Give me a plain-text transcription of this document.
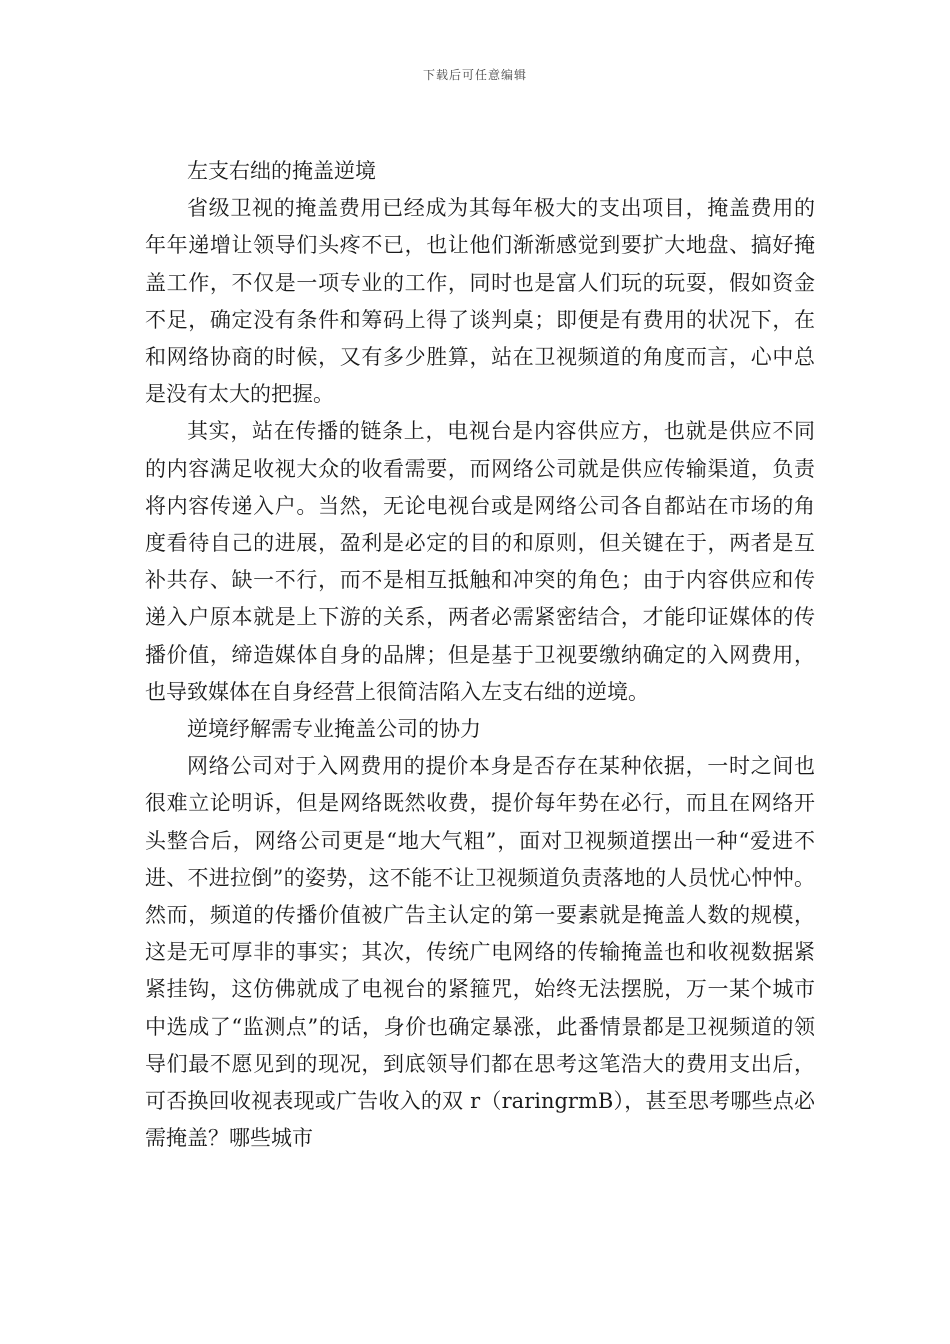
下载后可任意编辑

左支右绌的掩盖逆境

省级卫视的掩盖费用已经成为其每年极大的支出项目，掩盖费用的年年递增让领导们头疼不已，也让他们渐渐感觉到要扩大地盘、搞好掩盖工作，不仅是一项专业的工作，同时也是富人们玩的玩耍，假如资金不足，确定没有条件和筹码上得了谈判桌；即便是有费用的状况下，在和网络协商的时候，又有多少胜算，站在卫视频道的角度而言，心中总是没有太大的把握。

其实，站在传播的链条上，电视台是内容供应方，也就是供应不同的内容满足收视大众的收看需要，而网络公司就是供应传输渠道，负责将内容传递入户。当然，无论电视台或是网络公司各自都站在市场的角度看待自己的进展，盈利是必定的目的和原则，但关键在于，两者是互补共存、缺一不行，而不是相互抵触和冲突的角色；由于内容供应和传递入户原本就是上下游的关系，两者必需紧密结合，才能印证媒体的传播价值，缔造媒体自身的品牌；但是基于卫视要缴纳确定的入网费用，也导致媒体在自身经营上很简洁陷入左支右绌的逆境。

逆境纾解需专业掩盖公司的协力

网络公司对于入网费用的提价本身是否存在某种依据，一时之间也很难立论明诉，但是网络既然收费，提价每年势在必行，而且在网络开头整合后，网络公司更是“地大气粗”，面对卫视频道摆出一种“爱进不进、不进拉倒”的姿势，这不能不让卫视频道负责落地的人员忧心忡忡。然而，频道的传播价值被广告主认定的第一要素就是掩盖人数的规模，这是无可厚非的事实；其次，传统广电网络的传输掩盖也和收视数据紧紧挂钩，这仿佛就成了电视台的紧箍咒，始终无法摆脱，万一某个城市中选成了“监测点”的话，身价也确定暴涨，此番情景都是卫视频道的领导们最不愿见到的现况，到底领导们都在思考这笔浩大的费用支出后，可否换回收视表现或广告收入的双 r（raringrmB），甚至思考哪些点必需掩盖？哪些城市
